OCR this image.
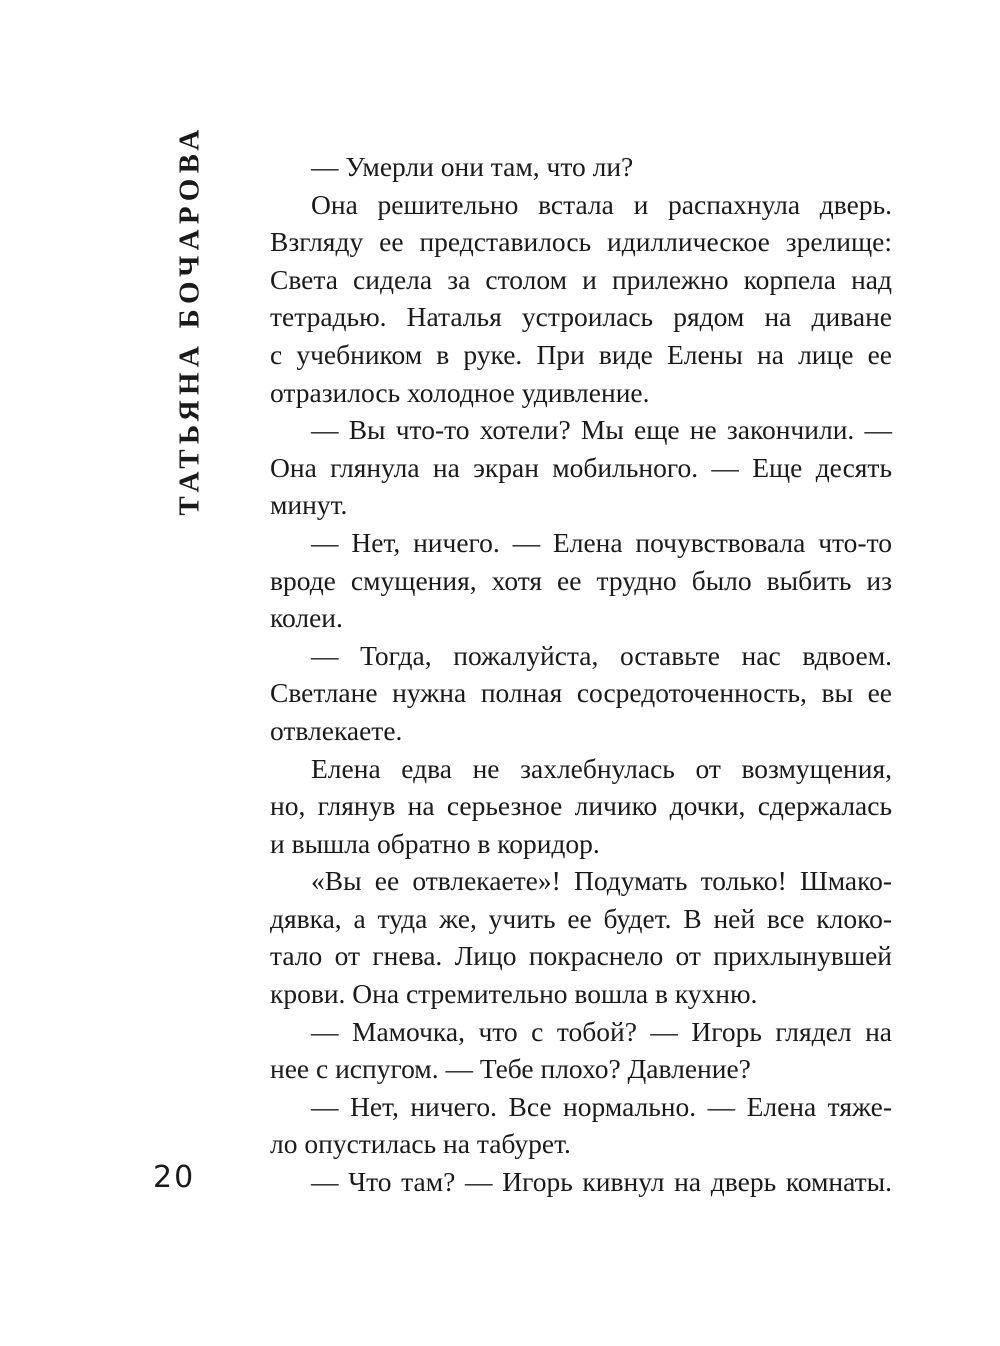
ТАТЬЯНА БОЧАРОВА	— Умерли они там, что ли?
Она решительно встала и распахнула дверь.
Взгляду ее представилось идиллическое зрелище:
Света сидела за столом и прилежно корпела над
тетрадью. Наталья устроилась рядом на диване
с учебником в руке. При виде Елены на лице ее
отразилось холодное удивление.
— Вы что-то хотели? Мы еще не закончили. —
Она глянула на экран мобильного. — Еще десять
минут.
— Нет, ничего. — Елена почувствовала что-то
вроде смущения, хотя ее трудно было выбить из
колеи.
— Тогда, пожалуйста, оставьте нас вдвоем.
Светлане нужна полная сосредоточенность, вы ее
отвлекаете.
Елена едва не захлебнулась от возмущения,
но, глянув на серьезное личико дочки, сдержалась
и вышла обратно в коридор.
«Вы ее отвлекаете»! Подумать только! Шмако-
дявка, а туда же, учить ее будет. В ней все клоко-
тало от гнева. Лицо покраснело от прихлынувшей
крови. Она стремительно вошла в кухню.
— Мамочка, что с тобой? — Игорь глядел на
нее с испугом. — Тебе плохо? Давление?
— Нет, ничего. Все нормально. — Елена тяже-
ло опустилась на табурет.
— Что там? — Игорь кивнул на дверь комнаты.
20
